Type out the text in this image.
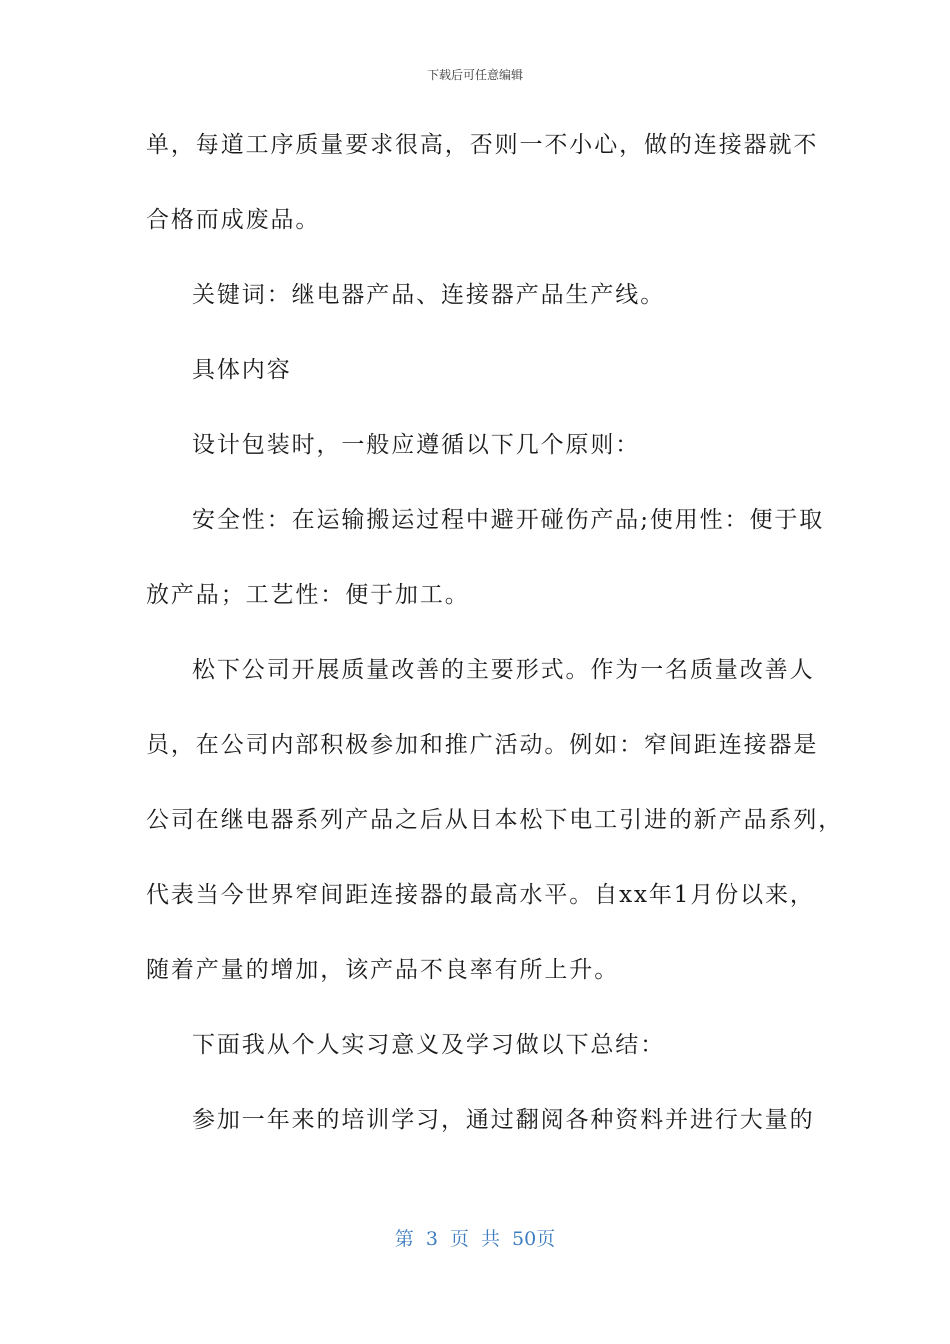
下载后可任意编辑
单，每道工序质量要求很高，否则一不小心，做的连接器就不
合格而成废品。
关键词：继电器产品、连接器产品生产线。
具体内容
设计包装时，一般应遵循以下几个原则：
安全性：在运输搬运过程中避开碰伤产品;使用性：便于取
放产品；工艺性：便于加工。
松下公司开展质量改善的主要形式。作为一名质量改善人
员，在公司内部积极参加和推广活动。例如：窄间距连接器是
公司在继电器系列产品之后从日本松下电工引进的新产品系列，
代表当今世界窄间距连接器的最高水平。自xx年1月份以来，
随着产量的增加，该产品不良率有所上升。
下面我从个人实习意义及学习做以下总结：
参加一年来的培训学习，通过翻阅各种资料并进行大量的
第 3 页 共 50页
